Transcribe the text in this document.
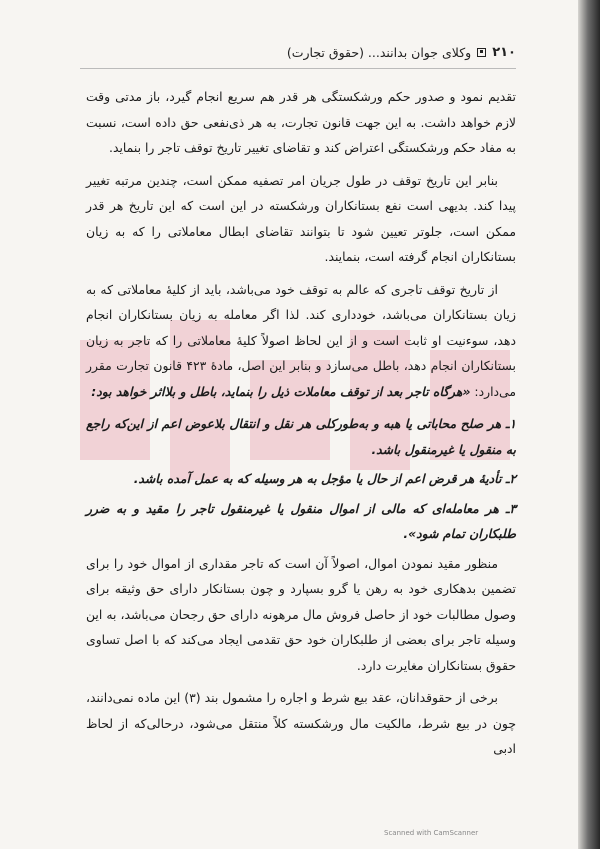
۲۱۰
وکلای جوان بدانند... (حقوق تجارت)

تقدیم نمود و صدور حکم ورشکستگی هر قدر هم سریع انجام گیرد، باز مدتی وقت لازم خواهد داشت. به این جهت قانون تجارت، به هر ذی‌نفعی حق داده است، نسبت به مفاد حکم ورشکستگی اعتراض کند و تقاضای تغییر تاریخ توقف تاجر را بنماید.

بنابر این تاریخ توقف در طول جریان امر تصفیه ممکن است، چندین مرتبه تغییر پیدا کند. بدیهی است نفع بستانکاران ورشکسته در این است که این تاریخ هر قدر ممکن است، جلوتر تعیین شود تا بتوانند تقاضای ابطال معاملاتی را که به زیان بستانکاران انجام گرفته است، بنمایند.

از تاریخ توقف تاجری که عالم به توقف خود می‌باشد، باید از کلیهٔ معاملاتی که به زیان بستانکاران می‌باشد، خودداری کند. لذا اگر معامله به زیان بستانکاران انجام دهد، سوءنیت او ثابت است و از این لحاظ اصولاً کلیهٔ معاملاتی را که تاجر به زیان بستانکاران انجام دهد، باطل می‌سازد و بنابر این اصل، مادهٔ ۴۲۳ قانون تجارت مقرر می‌دارد: «هرگاه تاجر بعد از توقف معاملات ذیل را بنماید، باطل و بلااثر خواهد بود:

۱ـ هر صلح محاباتی یا هبه و به‌طورکلی هر نقل و انتقال بلاعوض اعم از این‌که راجع به منقول یا غیرمنقول باشد.

۲ـ تأدیهٔ هر قرض اعم از حال یا مؤجل به هر وسیله که به عمل آمده باشد.

۳ـ هر معامله‌ای که مالی از اموال منقول یا غیرمنقول تاجر را مقید و به ضرر طلبکاران تمام شود».

منظور مقید نمودن اموال، اصولاً آن است که تاجر مقداری از اموال خود را برای تضمین بدهکاری خود به رهن یا گرو بسپارد و چون بستانکار دارای حق وثیقه برای وصول مطالبات خود از حاصل فروش مال مرهونه دارای حق رجحان می‌باشد، به این وسیله تاجر برای بعضی از طلبکاران خود حق تقدمی ایجاد می‌کند که با اصل تساوی حقوق بستانکاران مغایرت دارد.

برخی از حقوقدانان، عقد بیع شرط و اجاره را مشمول بند (۳) این ماده نمی‌دانند، چون در بیع شرط، مالکیت مال ورشکسته کلاً منتقل می‌شود، درحالی‌که از لحاظ ادبی

Scanned with CamScanner
